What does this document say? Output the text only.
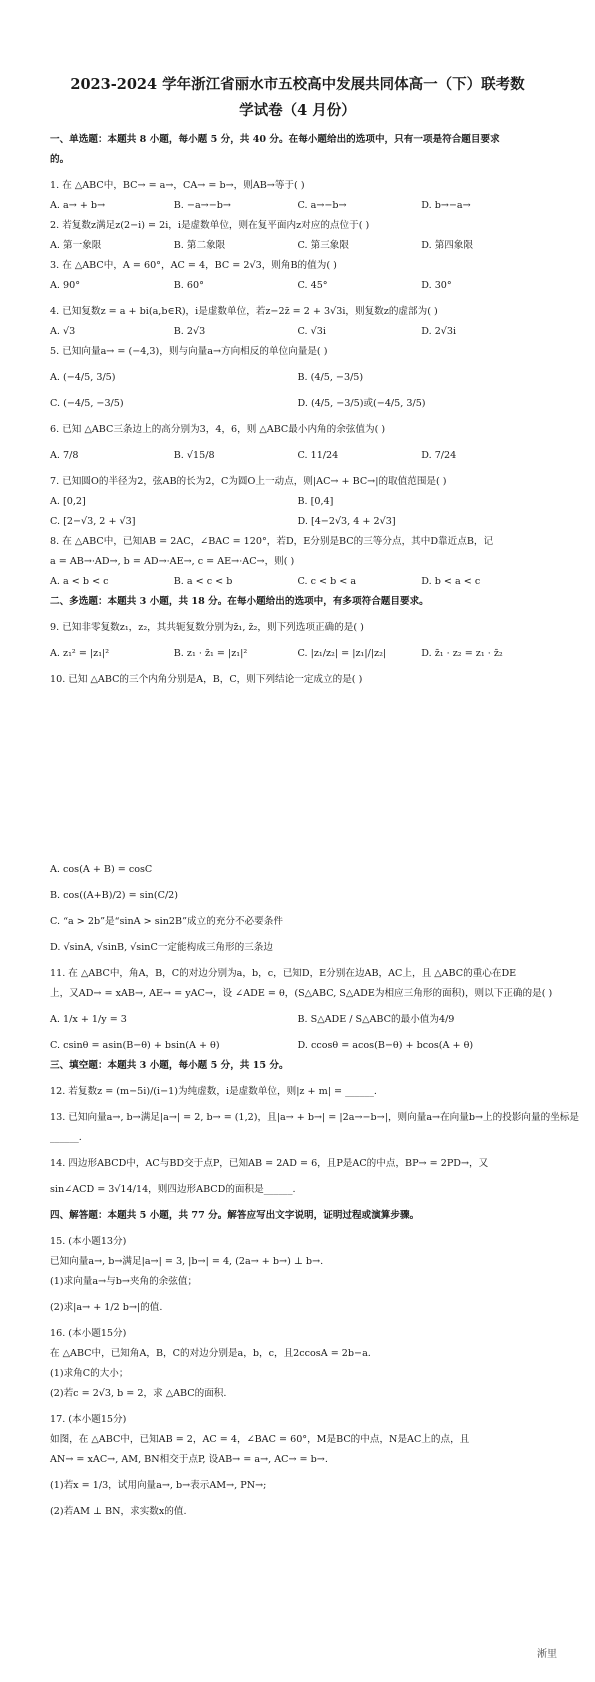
2023-2024 学年浙江省丽水市五校高中发展共同体高一（下）联考数
学试卷（4 月份）
一、单选题：本题共 8 小题，每小题 5 分，共 40 分。在每小题给出的选项中，只有一项是符合题目要求
的。
1. 在 △ABC中，BC→ = a→，CA→ = b→，则AB→等于( )
A. a→ + b→	B. −a→−b→	C. a→−b→	D. b→−a→
2. 若复数z满足z(2−i) = 2i，i是虚数单位，则在复平面内z对应的点位于( )
A. 第一象限	B. 第二象限	C. 第三象限	D. 第四象限
3. 在 △ABC中，A = 60°，AC = 4，BC = 2√3，则角B的值为( )
A. 90°	B. 60°	C. 45°	D. 30°
4. 已知复数z = a + bi(a,b∈R)，i是虚数单位，若z−2z̄ = 2 + 3√3i，则复数z的虚部为( )
A. √3	B. 2√3	C. √3i	D. 2√3i
5. 已知向量a→ = (−4,3)，则与向量a→方向相反的单位向量是( )
A. (−4/5, 3/5)	B. (4/5, −3/5)
C. (−4/5, −3/5)	D. (4/5, −3/5)或(−4/5, 3/5)
6. 已知 △ABC三条边上的高分别为3，4，6，则 △ABC最小内角的余弦值为( )
A. 7/8	B. √15/8	C. 11/24	D. 7/24
7. 已知圆O的半径为2，弦AB的长为2，C为圆O上一动点，则|AC→ + BC→|的取值范围是( )
A. [0,2]	B. [0,4]
C. [2−√3, 2 + √3]	D. [4−2√3, 4 + 2√3]
8. 在 △ABC中，已知AB = 2AC，∠BAC = 120°，若D，E分别是BC的三等分点，其中D靠近点B，记
a = AB→·AD→, b = AD→·AE→, c = AE→·AC→，则( )
A. a < b < c	B. a < c < b	C. c < b < a	D. b < a < c
二、多选题：本题共 3 小题，共 18 分。在每小题给出的选项中，有多项符合题目要求。
9. 已知非零复数z₁，z₂，其共轭复数分别为z̄₁, z̄₂，则下列选项正确的是( )
A. z₁² = |z₁|²	B. z₁ · z̄₁ = |z₁|²	C. |z₁/z₂| = |z₁|/|z₂|	D. z̄₁ · z₂ = z₁ · z̄₂
10. 已知 △ABC的三个内角分别是A，B，C，则下列结论一定成立的是( )
A. cos(A + B) = cosC
B. cos((A+B)/2) = sin(C/2)
C. “a > 2b”是“sinA > sin2B”成立的充分不必要条件
D. √sinA, √sinB, √sinC一定能构成三角形的三条边
11. 在 △ABC中，角A，B，C的对边分别为a，b，c，已知D，E分别在边AB，AC上，且 △ABC的重心在DE
上，又AD→ = xAB→, AE→ = yAC→，设 ∠ADE = θ，(S△ABC, S△ADE为相应三角形的面积)，则以下正确的是( )
A. 1/x + 1/y = 3	B. S△ADE / S△ABC的最小值为4/9
C. csinθ = asin(B−θ) + bsin(A + θ)	D. ccosθ = acos(B−θ) + bcos(A + θ)
三、填空题：本题共 3 小题，每小题 5 分，共 15 分。
12. 若复数z = (m−5i)/(i−1)为纯虚数，i是虚数单位，则|z + m| = ______.
13. 已知向量a→, b→满足|a→| = 2, b→ = (1,2)，且|a→ + b→| = |2a→−b→|，则向量a→在向量b→上的投影向量的坐标是
______.
14. 四边形ABCD中，AC与BD交于点P，已知AB = 2AD = 6，且P是AC的中点，BP→ = 2PD→，又
sin∠ACD = 3√14/14，则四边形ABCD的面积是______.
四、解答题：本题共 5 小题，共 77 分。解答应写出文字说明，证明过程或演算步骤。
15. (本小题13分)
已知向量a→, b→满足|a→| = 3, |b→| = 4, (2a→ + b→) ⊥ b→.
(1)求向量a→与b→夹角的余弦值；
(2)求|a→ + 1/2 b→|的值.
16. (本小题15分)
在 △ABC中，已知角A，B，C的对边分别是a，b，c，且2ccosA = 2b−a.
(1)求角C的大小；
(2)若c = 2√3, b = 2，求 △ABC的面积.
17. (本小题15分)
如图，在 △ABC中，已知AB = 2，AC = 4，∠BAC = 60°，M是BC的中点，N是AC上的点，且
AN→ = xAC→, AM, BN相交于点P, 设AB→ = a→, AC→ = b→.
(1)若x = 1/3，试用向量a→, b→表示AM→, PN→;
(2)若AM ⊥ BN，求实数x的值.
淅里
